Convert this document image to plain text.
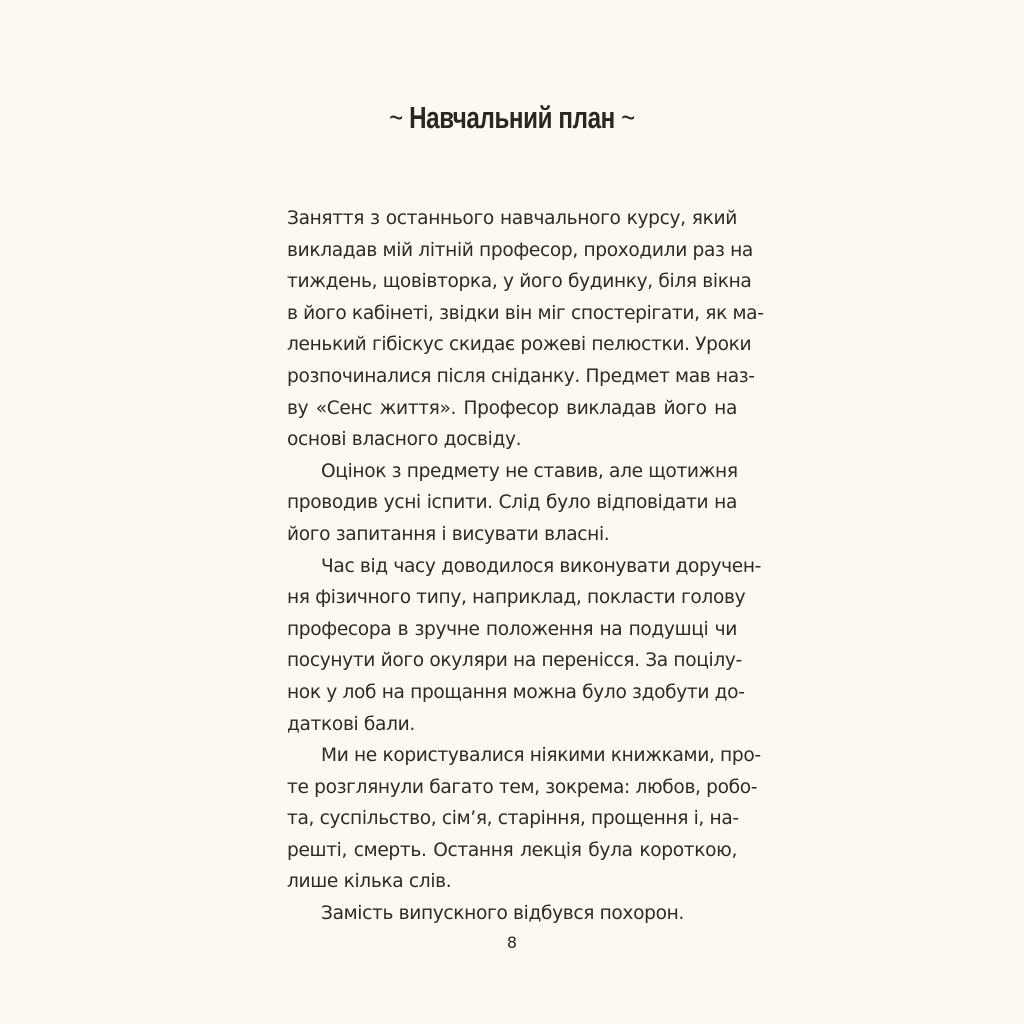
~ Навчальний план ~
Заняття з останнього навчального курсу, який
викладав мій літній професор, проходили раз на
тиждень, щовівторка, у його будинку, біля вікна
в його кабінеті, звідки він міг спостерігати, як ма-
ленький гібіскус скидає рожеві пелюстки. Уроки
розпочиналися після сніданку. Предмет мав наз-
ву «Сенс життя». Професор викладав його на
основі власного досвіду.
Оцінок з предмету не ставив, але щотижня
проводив усні іспити. Слід було відповідати на
його запитання і висувати власні.
Час від часу доводилося виконувати доручен-
ня фізичного типу, наприклад, покласти голову
професора в зручне положення на подушці чи
посунути його окуляри на перенісся. За поцілу-
нок у лоб на прощання можна було здобути до-
даткові бали.
Ми не користувалися ніякими книжками, про-
те розглянули багато тем, зокрема: любов, робо-
та, суспільство, сім’я, старіння, прощення і, на-
решті, смерть. Остання лекція була короткою,
лише кілька слів.
Замість випускного відбувся похорон.
8
